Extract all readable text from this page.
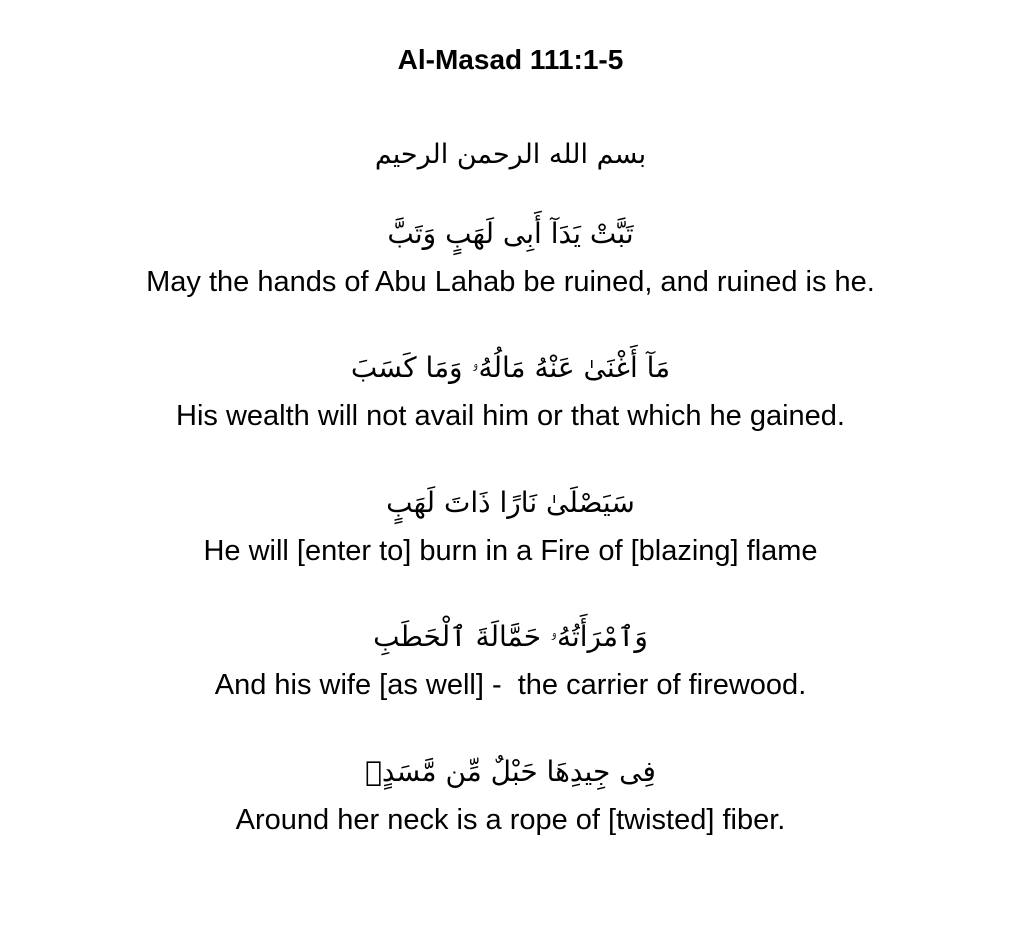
Al-Masad 111:1-5
بسم الله الرحمن الرحيم
تَبَّتْ يَدَآ أَبِى لَهَبٍ وَتَبَّ
May the hands of Abu Lahab be ruined, and ruined is he.
مَآ أَغْنَىٰ عَنْهُ مَالُهُۥ وَمَا كَسَبَ
His wealth will not avail him or that which he gained.
سَيَصْلَىٰ نَارًا ذَاتَ لَهَبٍ
He will [enter to] burn in a Fire of [blazing] flame
وَٱمْرَأَتُهُۥ حَمَّالَةَ ٱلْحَطَبِ
And his wife [as well] -  the carrier of firewood.
فِى جِيدِهَا حَبْلٌ مِّن مَّسَدٍۭ
Around her neck is a rope of [twisted] fiber.
